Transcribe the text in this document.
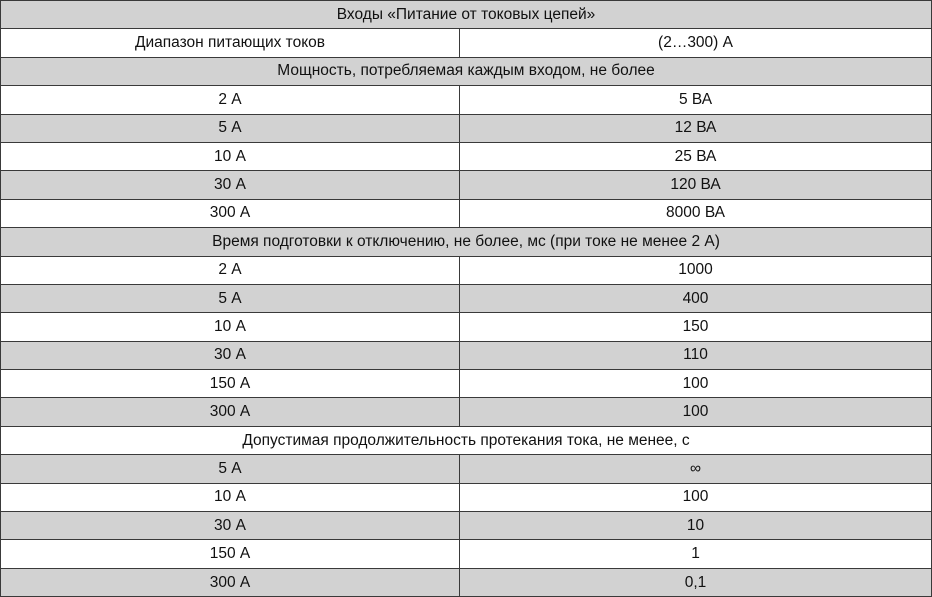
Входы «Питание от токовых цепей»	
Диапазон питающих токов	(2…300) А
Мощность, потребляемая каждым входом, не более	
2 А	5 ВА
5 А	12 ВА
10 А	25 ВА
30 А	120 ВА
300 А	8000 ВА
Время подготовки к отключению, не более, мс (при токе не менее 2 А)	
2 А	1000
5 А	400
10 А	150
30 А	110
150 А	100
300 А	100
Допустимая продолжительность протекания тока, не менее, с	
5 А	∞
10 А	100
30 А	10
150 А	1
300 А	0,1
